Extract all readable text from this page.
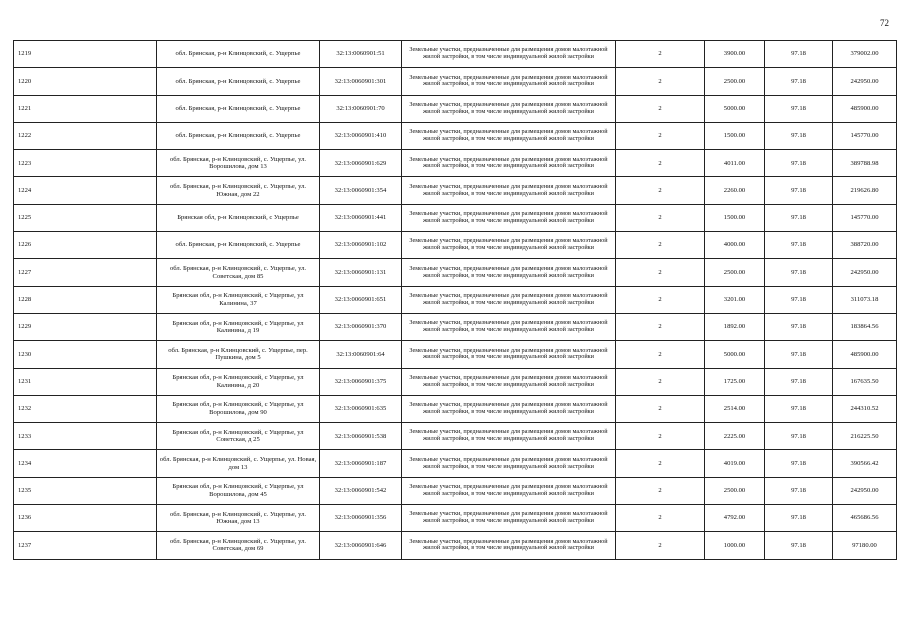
72
1219	обл. Брянская, р-н Клинцовский, с. Ущерпье	32:13:0060901:51	Земельные участки, предназначенные для размещения домов малоэтажной жилой застройки, в том числе индивидуальной жилой застройки	2	3900.00	97.18	379002.00
1220	обл. Брянская, р-н Клинцовский, с. Ущерпье	32:13:0060901:301	Земельные участки, предназначенные для размещения домов малоэтажной жилой застройки, в том числе индивидуальной жилой застройки	2	2500.00	97.18	242950.00
1221	обл. Брянская, р-н Клинцовский, с. Ущерпье	32:13:0060901:70	Земельные участки, предназначенные для размещения домов малоэтажной жилой застройки, в том числе индивидуальной жилой застройки	2	5000.00	97.18	485900.00
1222	обл. Брянская, р-н Клинцовский, с. Ущерпье	32:13:0060901:410	Земельные участки, предназначенные для размещения домов малоэтажной жилой застройки, в том числе индивидуальной жилой застройки	2	1500.00	97.18	145770.00
1223	обл. Брянская, р-н Клинцовский, с. Ущерпье, ул. Ворошилова, дом 13	32:13:0060901:629	Земельные участки, предназначенные для размещения домов малоэтажной жилой застройки, в том числе индивидуальной жилой застройки	2	4011.00	97.18	389788.98
1224	обл. Брянская, р-н Клинцовский, с. Ущерпье, ул. Южная, дом 22	32:13:0060901:354	Земельные участки, предназначенные для размещения домов малоэтажной жилой застройки, в том числе индивидуальной жилой застройки	2	2260.00	97.18	219626.80
1225	Брянская обл, р-н Клинцовский, с Ущерпье	32:13:0060901:441	Земельные участки, предназначенные для размещения домов малоэтажной жилой застройки, в том числе индивидуальной жилой застройки	2	1500.00	97.18	145770.00
1226	обл. Брянская, р-н Клинцовский, с. Ущерпье	32:13:0060901:102	Земельные участки, предназначенные для размещения домов малоэтажной жилой застройки, в том числе индивидуальной жилой застройки	2	4000.00	97.18	388720.00
1227	обл. Брянская, р-н Клинцовский, с. Ущерпье, ул. Советская, дом 85	32:13:0060901:131	Земельные участки, предназначенные для размещения домов малоэтажной жилой застройки, в том числе индивидуальной жилой застройки	2	2500.00	97.18	242950.00
1228	Брянская обл, р-н Клинцовский, с Ущерпье, ул Калинина, 37	32:13:0060901:651	Земельные участки, предназначенные для размещения домов малоэтажной жилой застройки, в том числе индивидуальной жилой застройки	2	3201.00	97.18	311073.18
1229	Брянская обл, р-н Клинцовский, с Ущерпье, ул Калинина, д 19	32:13:0060901:370	Земельные участки, предназначенные для размещения домов малоэтажной жилой застройки, в том числе индивидуальной жилой застройки	2	1892.00	97.18	183864.56
1230	обл. Брянская, р-н Клинцовский, с. Ущерпье, пер. Пушкина, дом 5	32:13:0060901:64	Земельные участки, предназначенные для размещения домов малоэтажной жилой застройки, в том числе индивидуальной жилой застройки	2	5000.00	97.18	485900.00
1231	Брянская обл, р-н Клинцовский, с Ущерпье, ул Калинина, д 20	32:13:0060901:375	Земельные участки, предназначенные для размещения домов малоэтажной жилой застройки, в том числе индивидуальной жилой застройки	2	1725.00	97.18	167635.50
1232	Брянская обл, р-н Клинцовский, с Ущерпье, ул Ворошилова, дом 90	32:13:0060901:635	Земельные участки, предназначенные для размещения домов малоэтажной жилой застройки, в том числе индивидуальной жилой застройки	2	2514.00	97.18	244310.52
1233	Брянская обл, р-н Клинцовский, с Ущерпье, ул Советская, д 25	32:13:0060901:538	Земельные участки, предназначенные для размещения домов малоэтажной жилой застройки, в том числе индивидуальной жилой застройки	2	2225.00	97.18	216225.50
1234	обл. Брянская, р-н Клинцовский, с. Ущерпье, ул. Новая, дом 13	32:13:0060901:187	Земельные участки, предназначенные для размещения домов малоэтажной жилой застройки, в том числе индивидуальной жилой застройки	2	4019.00	97.18	390566.42
1235	Брянская обл, р-н Клинцовский, с Ущерпье, ул Ворошилова, дом 45	32:13:0060901:542	Земельные участки, предназначенные для размещения домов малоэтажной жилой застройки, в том числе индивидуальной жилой застройки	2	2500.00	97.18	242950.00
1236	обл. Брянская, р-н Клинцовский, с. Ущерпье, ул. Южная, дом 13	32:13:0060901:356	Земельные участки, предназначенные для размещения домов малоэтажной жилой застройки, в том числе индивидуальной жилой застройки	2	4792.00	97.18	465686.56
1237	обл. Брянская, р-н Клинцовский, с. Ущерпье, ул. Советская, дом 69	32:13:0060901:646	Земельные участки, предназначенные для размещения домов малоэтажной жилой застройки, в том числе индивидуальной жилой застройки	2	1000.00	97.18	97180.00
